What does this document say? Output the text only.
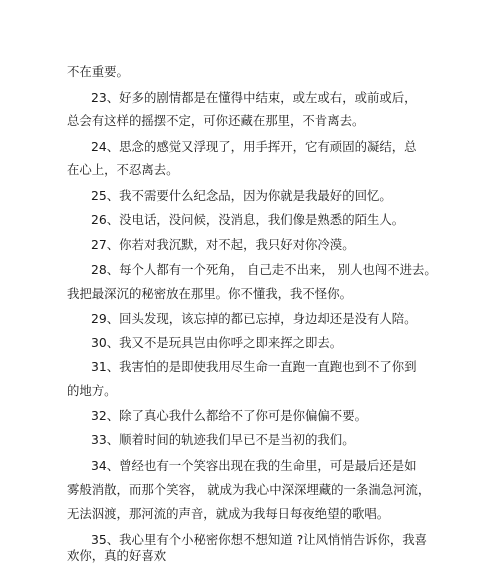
不在重要。
23、好多的剧情都是在懂得中结束，或左或右，或前或后，
总会有这样的摇摆不定，可你还藏在那里，不肯离去。
24、思念的感觉又浮现了，用手挥开，它有顽固的凝结，总
在心上，不忍离去。
25、我不需要什么纪念品，因为你就是我最好的回忆。
26、没电话，没问候，没消息，我们像是熟悉的陌生人。
27、你若对我沉默，对不起，我只好对你冷漠。
28、每个人都有一个死角， 自己走不出来， 别人也闯不进去。
我把最深沉的秘密放在那里。你不懂我，我不怪你。
29、回头发现，该忘掉的都已忘掉，身边却还是没有人陪。
30、我又不是玩具岂由你呼之即来挥之即去。
31、我害怕的是即使我用尽生命一直跑一直跑也到不了你到
的地方。
32、除了真心我什么都给不了你可是你偏偏不要。
33、顺着时间的轨迹我们早已不是当初的我们。
34、曾经也有一个笑容出现在我的生命里，可是最后还是如
雾般消散，而那个笑容， 就成为我心中深深埋藏的一条湍急河流，
无法泅渡，那河流的声音，就成为我每日每夜绝望的歌唱。
35、我心里有个小秘密你想不想知道 ?让风悄悄告诉你，我喜
欢你，真的好喜欢
